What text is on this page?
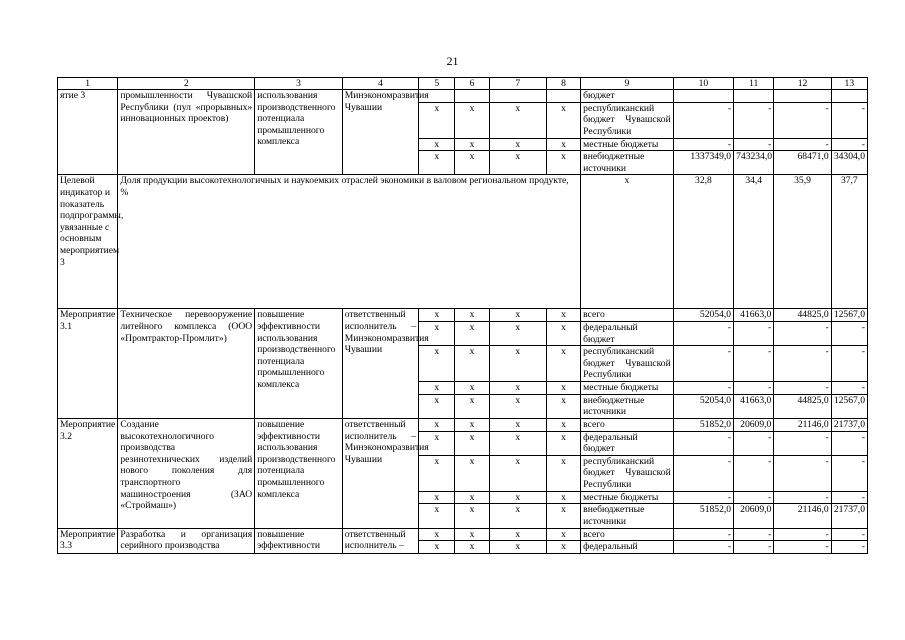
21
1	2	3	4	5	6	7	8	9	10	11	12	13
ятие 3	промышленности Чувашской Республики (пул «прорывных» инновационных проектов)	использования производственного потенциала промышленного комплекса	Минэкономразвития Чувашии					бюджет				
				x	x	x	x	республиканский бюджет Чувашской Республики	-	-	-	-
				x	x	x	x	местные бюджеты	-	-	-	-
				x	x	x	x	внебюджетные источники	1337349,0	743234,0	68471,0	34304,0
Целевой индикатор и показатель подпрограммы, увязанные с основным мероприятием 3	Доля продукции высокотехнологичных и наукоемких отраслей экономики в валовом региональном продукте, %							x	32,8	34,4	35,9	37,7
Мероприятие 3.1	Техническое перевооружение литейного комплекса (ООО «Промтрактор-Промлит»)	повышение эффективности использования производственного потенциала промышленного комплекса	ответственный исполнитель – Минэкономразвития Чувашии	x	x	x	x	всего	52054,0	41663,0	44825,0	12567,0
				x	x	x	x	федеральный бюджет	-	-	-	-
				x	x	x	x	республиканский бюджет Чувашской Республики	-	-	-	-
				x	x	x	x	местные бюджеты	-	-	-	-
				x	x	x	x	внебюджетные источники	52054,0	41663,0	44825,0	12567,0
Мероприятие 3.2	Создание высокотехнологичного производства резинотехнических изделий нового поколения для транспортного машиностроения (ЗАО «Строймаш»)	повышение эффективности использования производственного потенциала промышленного комплекса	ответственный исполнитель – Минэкономразвития Чувашии	x	x	x	x	всего	51852,0	20609,0	21146,0	21737,0
				x	x	x	x	федеральный бюджет	-	-	-	-
				x	x	x	x	республиканский бюджет Чувашской Республики	-	-	-	-
				x	x	x	x	местные бюджеты	-	-	-	-
				x	x	x	x	внебюджетные источники	51852,0	20609,0	21146,0	21737,0
Мероприятие 3.3	Разработка и организация серийного производства	повышение эффективности	ответственный исполнитель –	x	x	x	x	всего	-	-	-	-
				x	x	x	x	федеральный	-	-	-	-
